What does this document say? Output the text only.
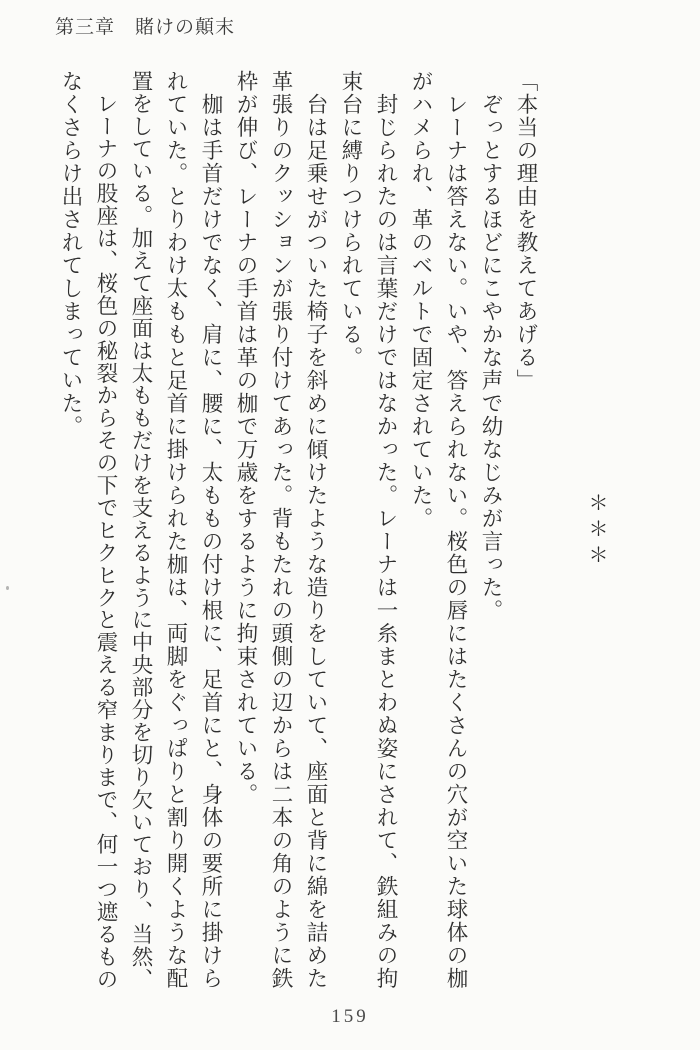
第三章　賭けの顛末
＊＊＊
「本当の理由を教えてあげる」
　ぞっとするほどにこやかな声で幼なじみが言った。
　レーナは答えない。いや、答えられない。桜色の唇にはたくさんの穴が空いた球体の枷
がハメられ、革のベルトで固定されていた。
　封じられたのは言葉だけではなかった。レーナは一糸まとわぬ姿にされて、鉄組みの拘
束台に縛りつけられている。
　台は足乗せがついた椅子を斜めに傾けたような造りをしていて、座面と背に綿を詰めた
革張りのクッションが張り付けてあった。背もたれの頭側の辺からは二本の角のように鉄
枠が伸び、レーナの手首は革の枷で万歳をするように拘束されている。
　枷は手首だけでなく、肩に、腰に、太ももの付け根に、足首にと、身体の要所に掛けら
れていた。とりわけ太ももと足首に掛けられた枷は、両脚をぐっぱりと割り開くような配
置をしている。加えて座面は太ももだけを支えるように中央部分を切り欠いており、当然、
　レーナの股座は、桜色の秘裂からその下でヒクヒクと震える窄まりまで、何一つ遮るもの
なくさらけ出されてしまっていた。
159
